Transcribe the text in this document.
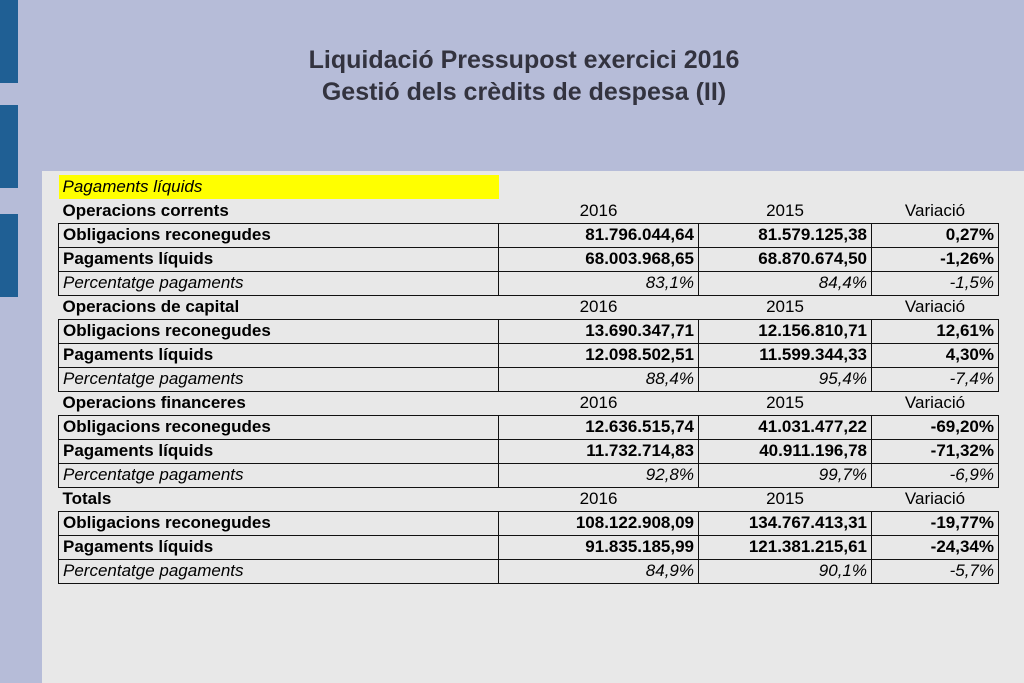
Liquidació Pressupost exercici 2016
Gestió dels crèdits de despesa (II)
Pagaments líquids			
Operacions corrents	2016	2015	Variació
Obligacions reconegudes	81.796.044,64	81.579.125,38	0,27%
Pagaments líquids	68.003.968,65	68.870.674,50	-1,26%
Percentatge pagaments	83,1%	84,4%	-1,5%
Operacions de capital	2016	2015	Variació
Obligacions reconegudes	13.690.347,71	12.156.810,71	12,61%
Pagaments líquids	12.098.502,51	11.599.344,33	4,30%
Percentatge pagaments	88,4%	95,4%	-7,4%
Operacions financeres	2016	2015	Variació
Obligacions reconegudes	12.636.515,74	41.031.477,22	-69,20%
Pagaments líquids	11.732.714,83	40.911.196,78	-71,32%
Percentatge pagaments	92,8%	99,7%	-6,9%
Totals	2016	2015	Variació
Obligacions reconegudes	108.122.908,09	134.767.413,31	-19,77%
Pagaments líquids	91.835.185,99	121.381.215,61	-24,34%
Percentatge pagaments	84,9%	90,1%	-5,7%
